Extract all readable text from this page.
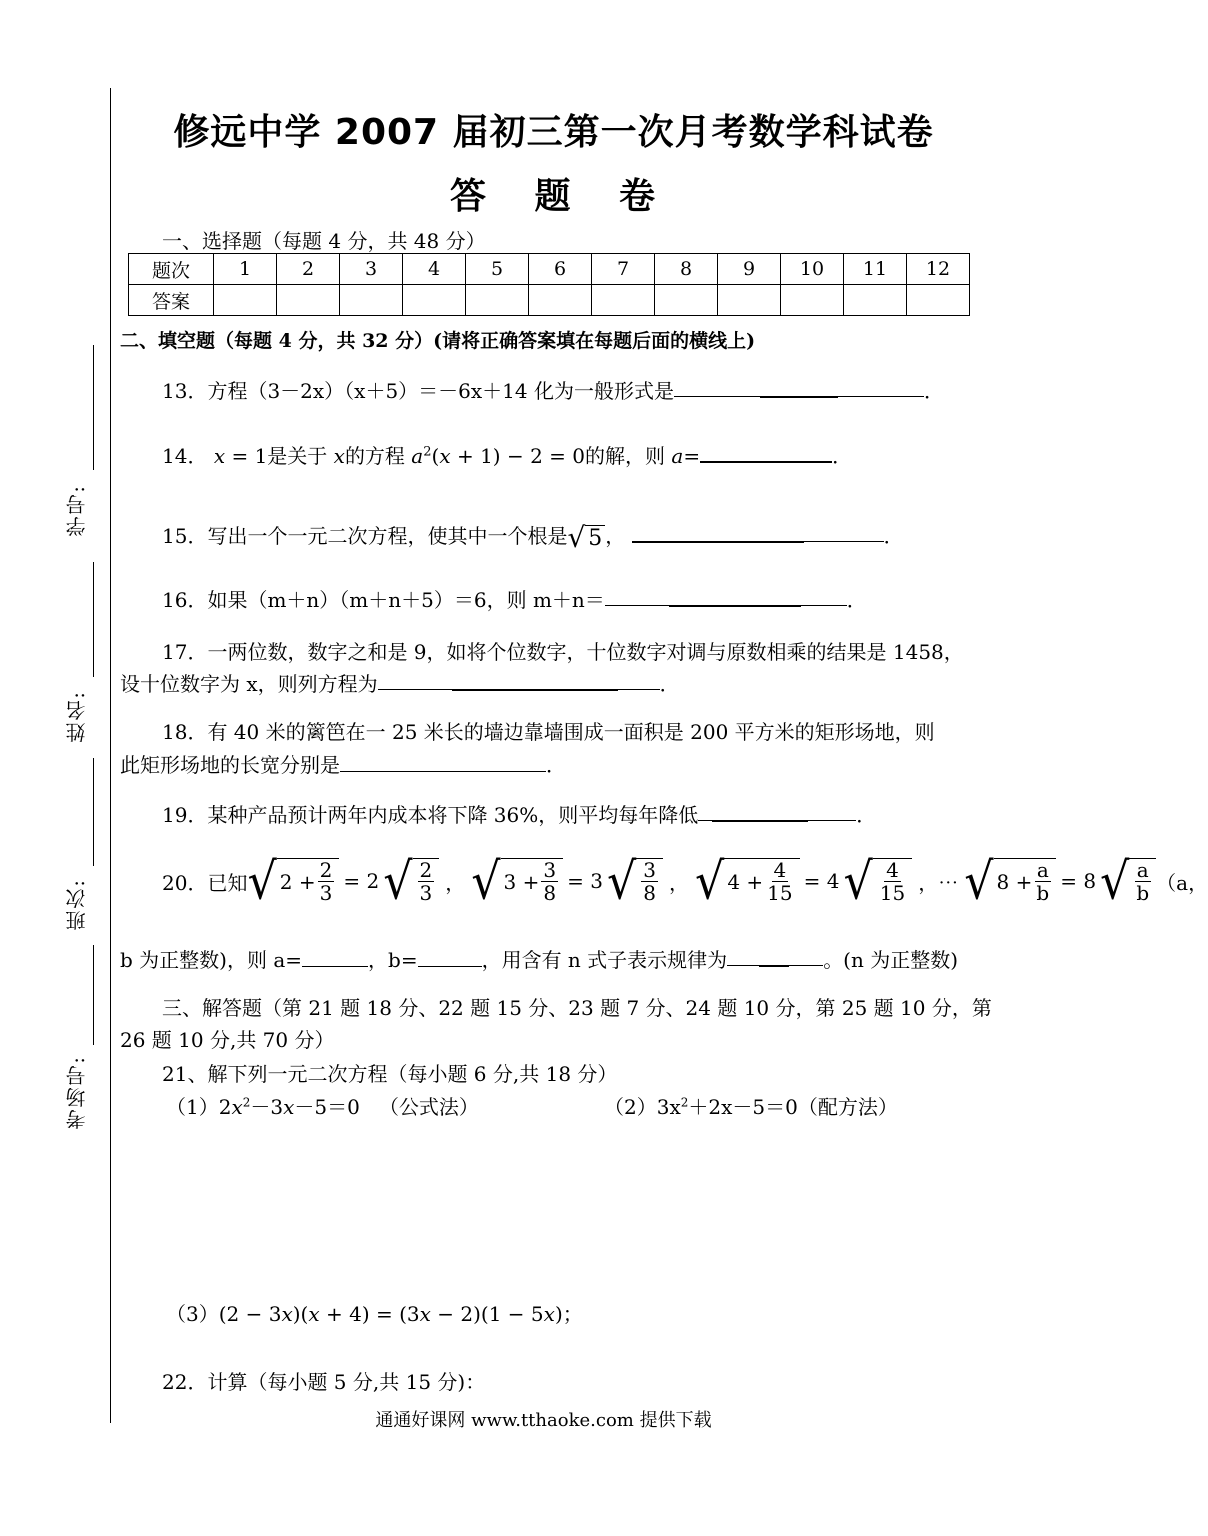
学号:
姓名:
班次:
考场号:
修远中学 2007 届初三第一次月考数学科试卷
答 题 卷
一、选择题（每题 4 分，共 48 分）
题次	1	2	3	4	5	6	7	8	9	10	11	12
答案												
二、填空题（每题 4 分，共 32 分）(请将正确答案填在每题后面的横线上)
13．方程（3－2x）（x＋5）＝－6x＋14 化为一般形式是	．
14． x = 1是关于 x的方程 $a^2(x + 1) - 2 = 0$的解，则 a=	．
15．写出一个一元二次方程，使其中一个根是 √ 5 ，	．
16．如果（m＋n）（m＋n＋5）＝6，则 m＋n＝	．
17．一两位数，数字之和是 9，如将个位数字，十位数字对调与原数相乘的结果是 1458，
设十位数字为 x，则列方程为	．
18．有 40 米的篱笆在一 25 米长的墙边靠墙围成一面积是 200 平方米的矩形场地，则
此矩形场地的长宽分别是	．
19．某种产品预计两年内成本将下降 36%，则平均每年降低	．
20．已知 √ $2 + \frac{2}{3} = 2$ √ $\frac{2}{3}$ ， √ $3 + \frac{3}{8} = 3$ √ $\frac{3}{8}$ ， √ $4 + \frac{4}{15} = 4$ √ $\frac{4}{15}$ ，⋯ √ $8 + \frac{a}{b} = 8$ √ $\frac{a}{b} (a$，
b 为正整数)，则 a=	，b=	，用含有 n 式子表示规律为	。(n 为正整数)
三、解答题（第 21 题 18 分、22 题 15 分、23 题 7 分、24 题 10 分，第 25 题 10 分，第
26 题 10 分,共 70 分）
21、解下列一元二次方程（每小题 6 分,共 18 分）
$(1)2x^2-3x-5=0$   （公式法）	$(2)3x^2+2x-5=0$（配方法）
（3）(2 − 3x)(x + 4) = (3x − 2)(1 − 5x)；
22．计算（每小题 5 分,共 15 分)：
通通好课网 www.tthaoke.com 提供下载
